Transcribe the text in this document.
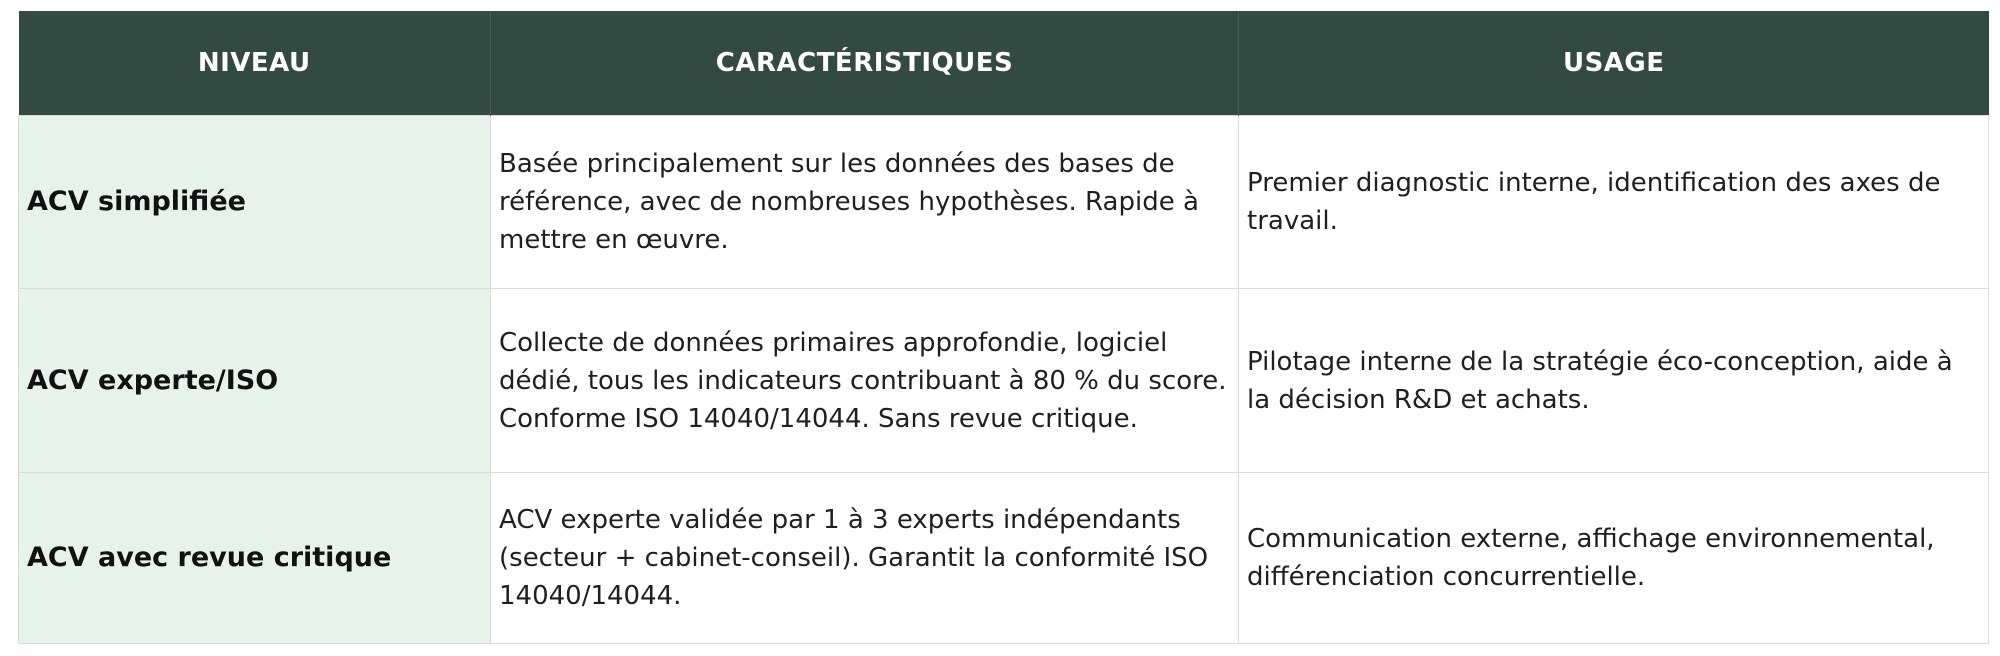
NIVEAU	CARACTÉRISTIQUES	USAGE
ACV simplifiée	Basée principalement sur les données des bases de référence, avec de nombreuses hypothèses. Rapide à mettre en œuvre.	Premier diagnostic interne, identification des axes de travail.
ACV experte/ISO	Collecte de données primaires approfondie, logiciel dédié, tous les indicateurs contribuant à 80 % du score. Conforme ISO 14040/14044. Sans revue critique.	Pilotage interne de la stratégie éco-conception, aide à la décision R&D et achats.
ACV avec revue critique	ACV experte validée par 1 à 3 experts indépendants (secteur + cabinet-conseil). Garantit la conformité ISO 14040/14044.	Communication externe, affichage environnemental, différenciation concurrentielle.
